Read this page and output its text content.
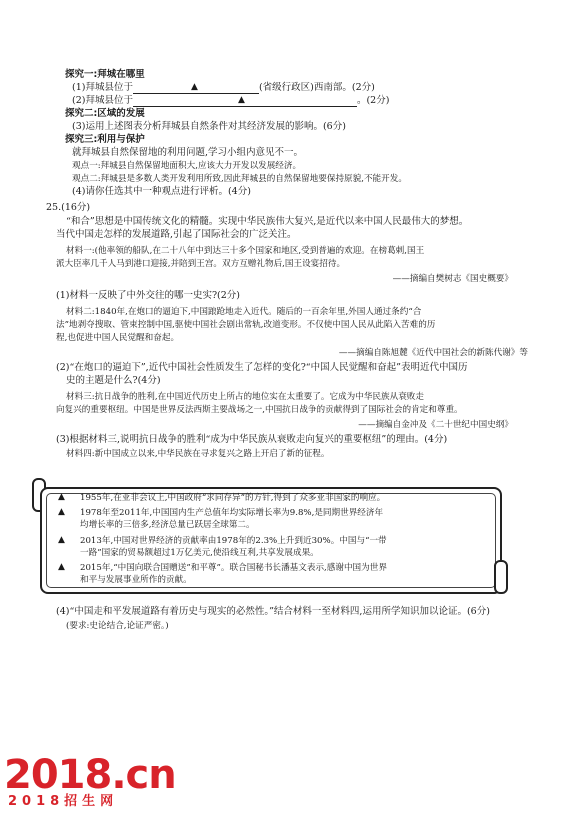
探究一:拜城在哪里
(1)拜城县位于	▲	(省级行政区)西南部。(2分)
(2)拜城县位于	▲	。(2分)
探究二:区域的发展
(3)运用上述图表分析拜城县自然条件对其经济发展的影响。(6分)
探究三:利用与保护
就拜城县自然保留地的利用问题,学习小组内意见不一。
观点一:拜城县自然保留地面积大,应该大力开发以发展经济。
观点二:拜城县是多数人类开发利用所致,因此拜城县的自然保留地要保持原貌,不能开发。
(4)请你任选其中一种观点进行评析。(4分)
25.(16分)
“和合”思想是中国传统文化的精髓。实现中华民族伟大复兴,是近代以来中国人民最伟大的梦想。
当代中国走怎样的发展道路,引起了国际社会的广泛关注。
材料一:(他率领的船队,在二十八年中到达三十多个国家和地区,受到普遍的欢迎。在榜葛剌,国王
派大臣率几千人马到港口迎接,并陪到王宫。双方互赠礼物后,国王设宴招待。
——摘编自樊树志《国史概要》
(1)材料一反映了中外交往的哪一史实?(2分)
材料二:1840年,在炮口的逼迫下,中国踉跄地走入近代。随后的一百余年里,外国人通过条约“合
法”地剥夺搜取、管束控制中国,驱使中国社会剧出常轨,改道变形。不仅使中国人民从此陷入苦难的历
程,也促进中国人民觉醒和奋起。
——摘编自陈旭麓《近代中国社会的新陈代谢》等
(2)“在炮口的逼迫下”,近代中国社会性质发生了怎样的变化?“中国人民觉醒和奋起”表明近代中国历
史的主题是什么?(4分)
材料三:抗日战争的胜利,在中国近代历史上所占的地位实在太重要了。它成为中华民族从衰败走
向复兴的重要枢纽。中国是世界反法西斯主要战场之一,中国抗日战争的贡献得到了国际社会的肯定和尊重。
——摘编自金冲及《二十世纪中国史纲》
(3)根据材料三,说明抗日战争的胜利“成为中华民族从衰败走向复兴的重要枢纽”的理由。(4分)
材料四:新中国成立以来,中华民族在寻求复兴之路上开启了新的征程。
▲ 1955年,在亚非会议上,中国政府“求同存异”的方针,得到了众多亚非国家的响应。
▲ 1978年至2011年,中国国内生产总值年均实际增长率为9.8%,是同期世界经济年
均增长率的三倍多,经济总量已跃居全球第二。
▲ 2013年,中国对世界经济的贡献率由1978年的2.3%上升到近30%。中国与“一带
一路”国家的贸易额超过1万亿美元,使沿线互利,共享发展成果。
▲ 2015年,“中国向联合国赠送”和平尊”。联合国秘书长潘基文表示,感谢中国为世界
和平与发展事业所作的贡献。
(4)“中国走和平发展道路有着历史与现实的必然性。”结合材料一至材料四,运用所学知识加以论证。(6分)
(要求:史论结合,论证严密。)
2018.cn
2018招生网
